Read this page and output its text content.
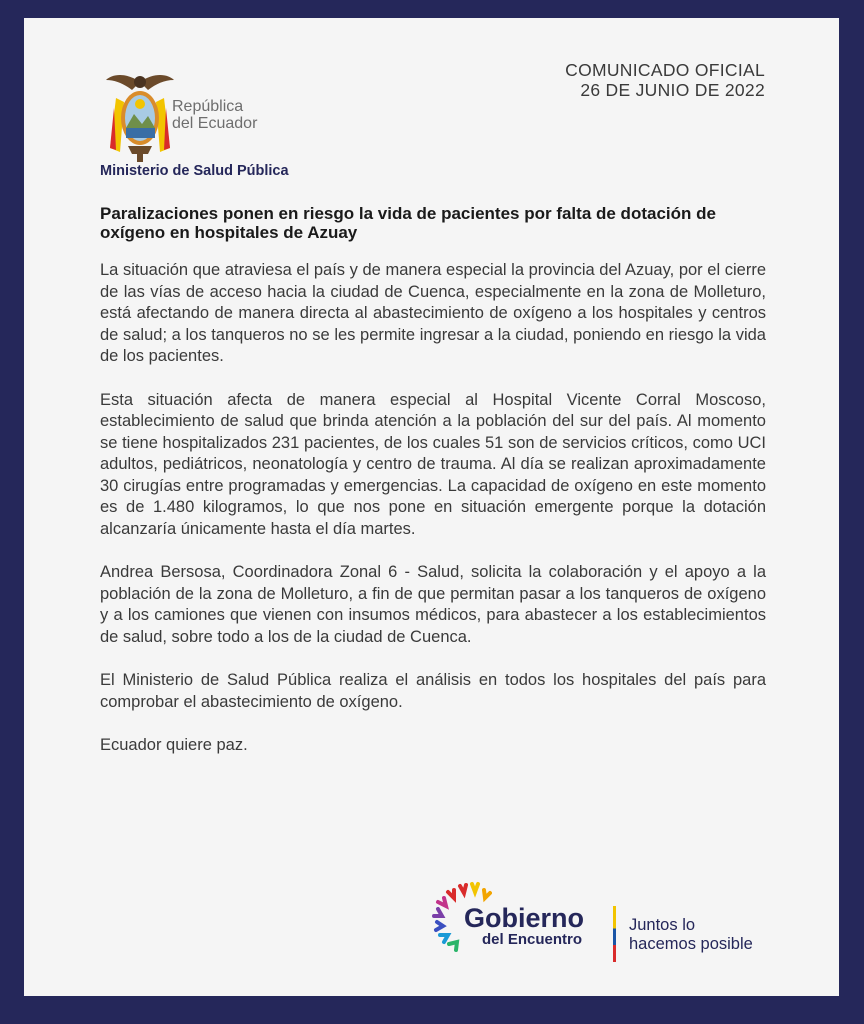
República
del Ecuador
COMUNICADO OFICIAL
26 DE JUNIO DE 2022
Ministerio de Salud Pública
Paralizaciones ponen en riesgo la vida de pacientes por falta de dotación de oxígeno en hospitales de Azuay

La situación que atraviesa el país y de manera especial la provincia del Azuay, por el cierre de las vías de acceso hacia la ciudad de Cuenca, especialmente en la zona de Molleturo, está afectando de manera directa al abastecimiento de oxígeno a los hospitales y centros de salud; a los tanqueros no se les permite ingresar a la ciudad, poniendo en riesgo la vida de los pacientes.

Esta situación afecta de manera especial al Hospital Vicente Corral Moscoso, establecimiento de salud que brinda atención a la población del sur del país. Al momento se tiene hospitalizados 231 pacientes, de los cuales 51 son de servicios críticos, como UCI adultos, pediátricos, neonatología y centro de trauma. Al día se realizan aproximadamente 30 cirugías entre programadas y emergencias. La capacidad de oxígeno en este momento es de 1.480 kilogramos, lo que nos pone en situación emergente porque la dotación alcanzaría únicamente hasta el día martes.

Andrea Bersosa, Coordinadora Zonal 6 - Salud, solicita la colaboración y el apoyo a la población de la zona de Molleturo, a fin de que permitan pasar a los tanqueros de oxígeno y a los camiones que vienen con insumos médicos, para abastecer a los establecimientos de salud, sobre todo a los de la ciudad de Cuenca.

El Ministerio de Salud Pública realiza el análisis en todos los hospitales del país para comprobar el abastecimiento de oxígeno.

Ecuador quiere paz.

Gobierno
del Encuentro
Juntos lo
hacemos posible
